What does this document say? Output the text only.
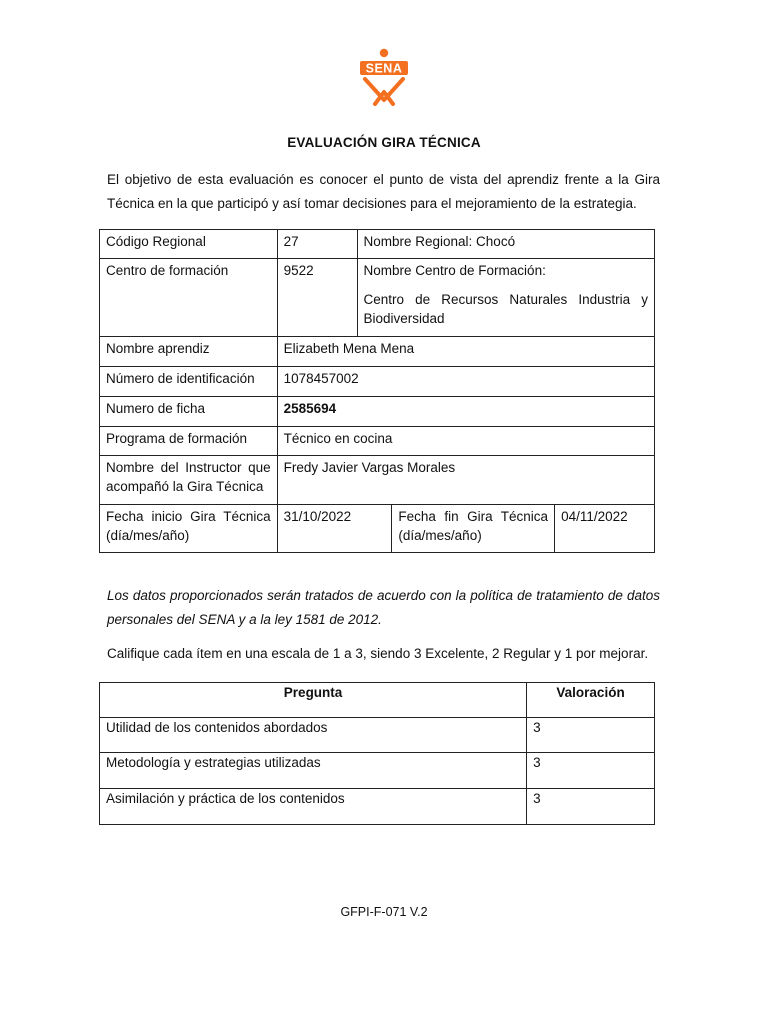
SENA
EVALUACIÓN GIRA TÉCNICA
El objetivo de esta evaluación es conocer el punto de vista del aprendiz frente a la Gira Técnica en la que participó y así tomar decisiones para el mejoramiento de la estrategia.
Código Regional	27	Nombre Regional: Chocó		
Centro de formación	9522	Nombre Centro de Formación:
Centro de Recursos Naturales Industria y Biodiversidad		

Nombre aprendiz	Elizabeth Mena Mena			
Número de identificación	1078457002			
Numero de ficha	2585694			
Programa de formación	Técnico en cocina			
Nombre del Instructor que acompañó la Gira Técnica	Fredy Javier Vargas Morales			
Fecha inicio Gira Técnica (día/mes/año)	31/10/2022		Fecha fin Gira Técnica (día/mes/año)	04/11/2022
Los datos proporcionados serán tratados de acuerdo con la política de tratamiento de datos personales del SENA y a la ley 1581 de 2012.
Califique cada ítem en una escala de 1 a 3, siendo 3 Excelente, 2 Regular y 1 por mejorar.
Pregunta	Valoración
Utilidad de los contenidos abordados	3
Metodología y estrategias utilizadas	3
Asimilación y práctica de los contenidos	3
GFPI-F-071 V.2
